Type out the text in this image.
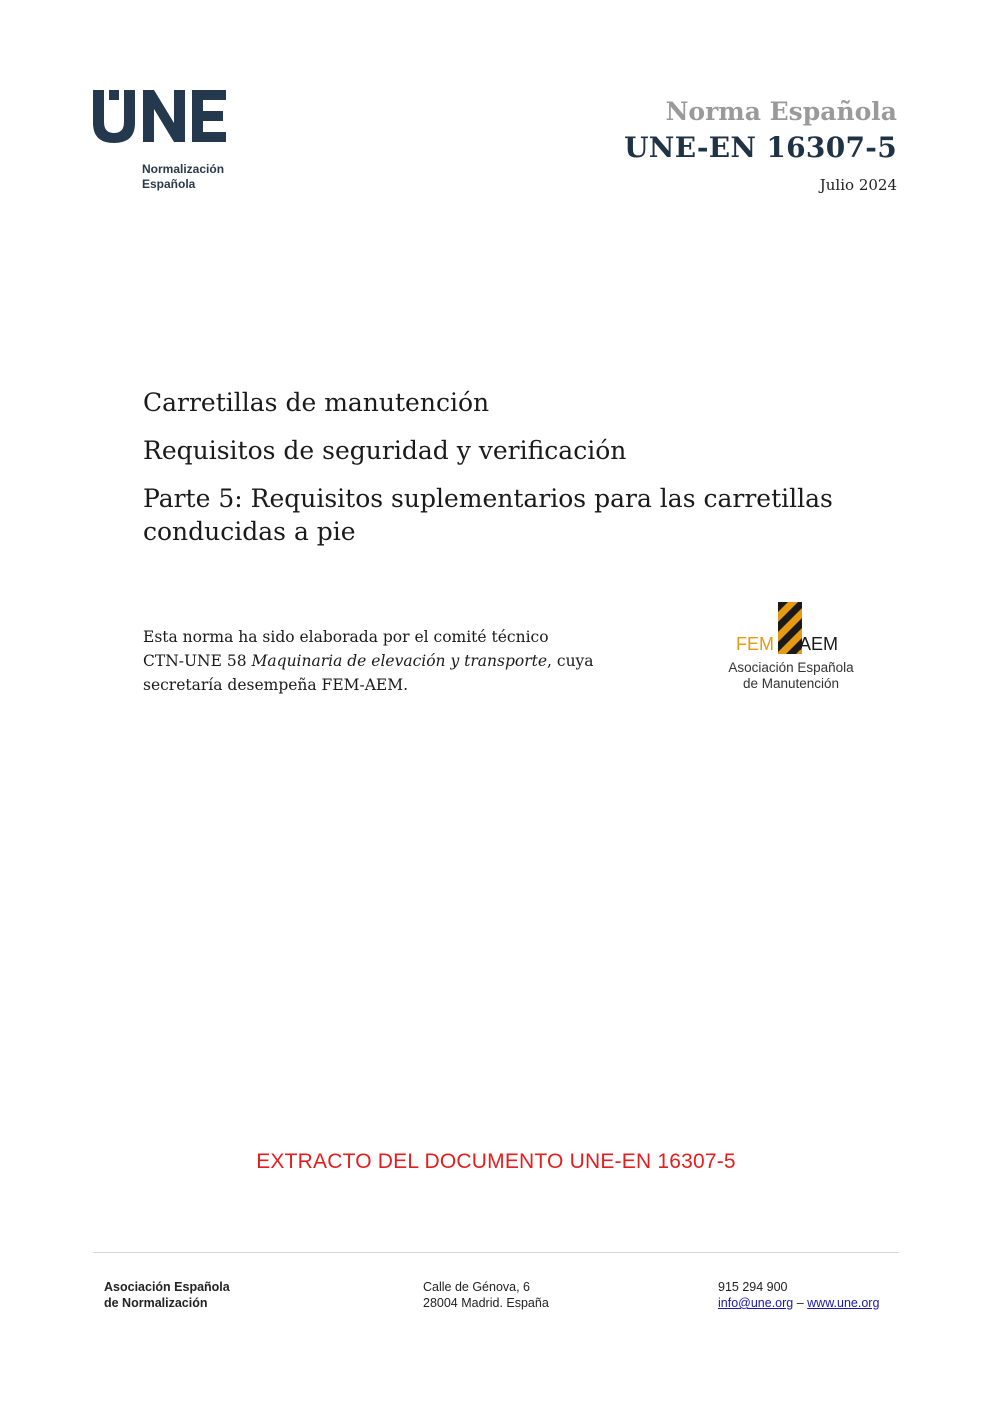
Normalización
Española
Norma Española
UNE-EN 16307-5
Julio 2024
Carretillas de manutención
Requisitos de seguridad y verificación
Parte 5: Requisitos suplementarios para las carretillas conducidas a pie
Esta norma ha sido elaborada por el comité técnico
CTN-UNE 58 Maquinaria de elevación y transporte, cuya
secretaría desempeña FEM-AEM.
FEM AEM
Asociación Española
de Manutención
EXTRACTO DEL DOCUMENTO UNE-EN 16307-5
Asociación Española
de Normalización
Calle de Génova, 6
28004 Madrid. España
915 294 900
info@une.org – www.une.org
